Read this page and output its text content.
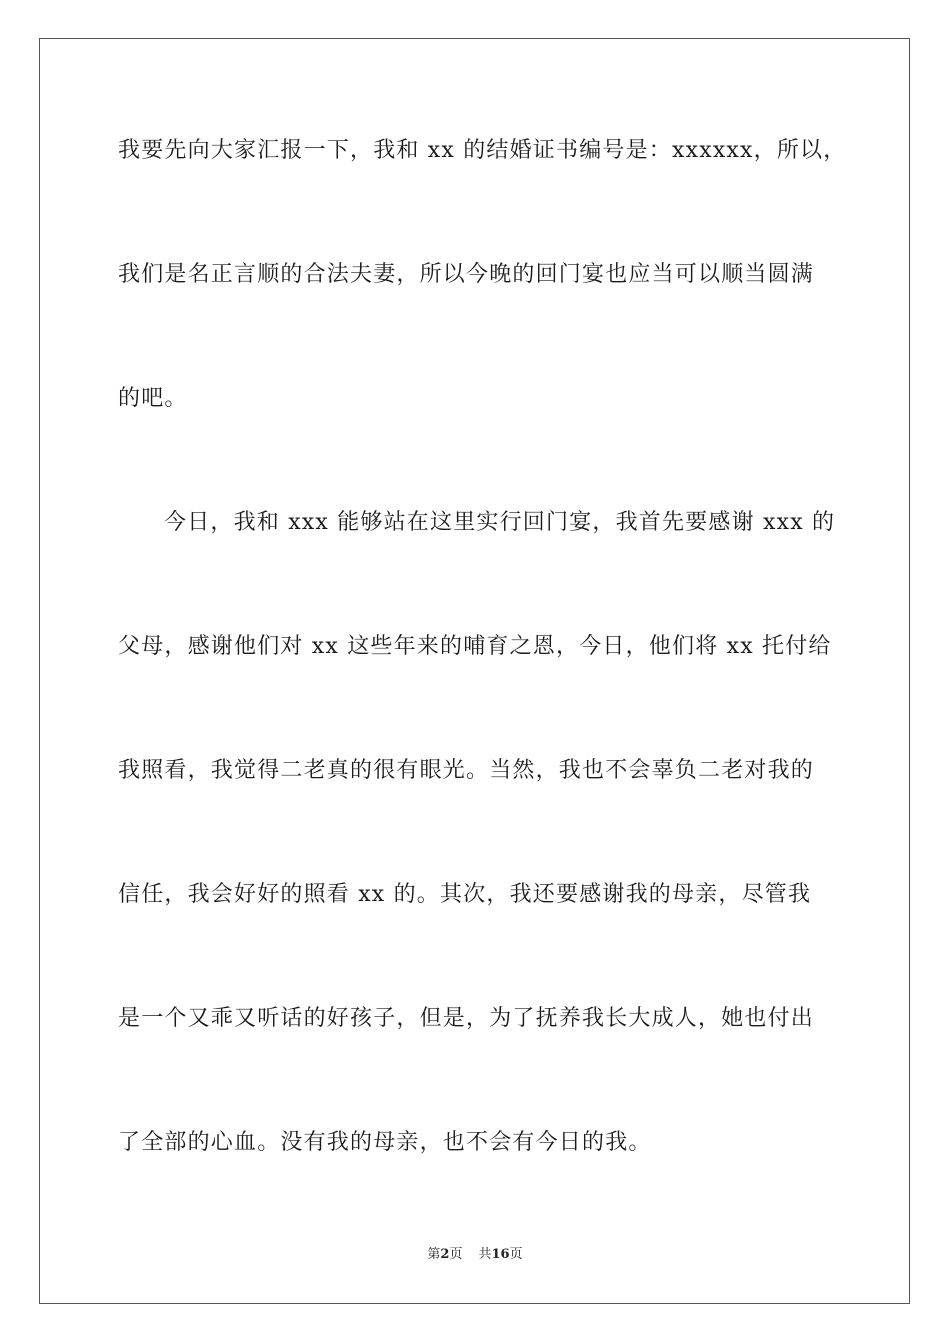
我要先向大家汇报一下，我和 xx 的结婚证书编号是：xxxxxx，所以，
我们是名正言顺的合法夫妻，所以今晚的回门宴也应当可以顺当圆满
的吧。
今日，我和 xxx 能够站在这里实行回门宴，我首先要感谢 xxx 的
父母，感谢他们对 xx 这些年来的哺育之恩，今日，他们将 xx 托付给
我照看，我觉得二老真的很有眼光。当然，我也不会辜负二老对我的
信任，我会好好的照看 xx 的。其次，我还要感谢我的母亲，尽管我
是一个又乖又听话的好孩子，但是，为了抚养我长大成人，她也付出
了全部的心血。没有我的母亲，也不会有今日的我。
第2页 共16页
